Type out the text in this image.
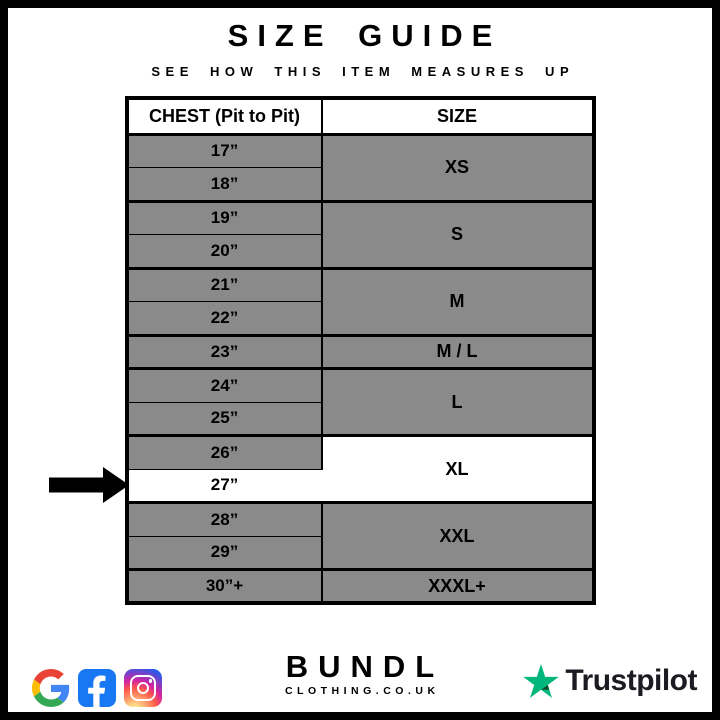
SIZE GUIDE
SEE HOW THIS ITEM MEASURES UP
CHEST (Pit to Pit)	SIZE
17”	XS
18”	
19”	S
20”	
21”	M
22”	
23”	M / L
24”	L
25”	
26”	XL
27”	

28”	XXL
29”	
30”+	XXXL+
BUNDL
CLOTHING.CO.UK	Trustpilot
